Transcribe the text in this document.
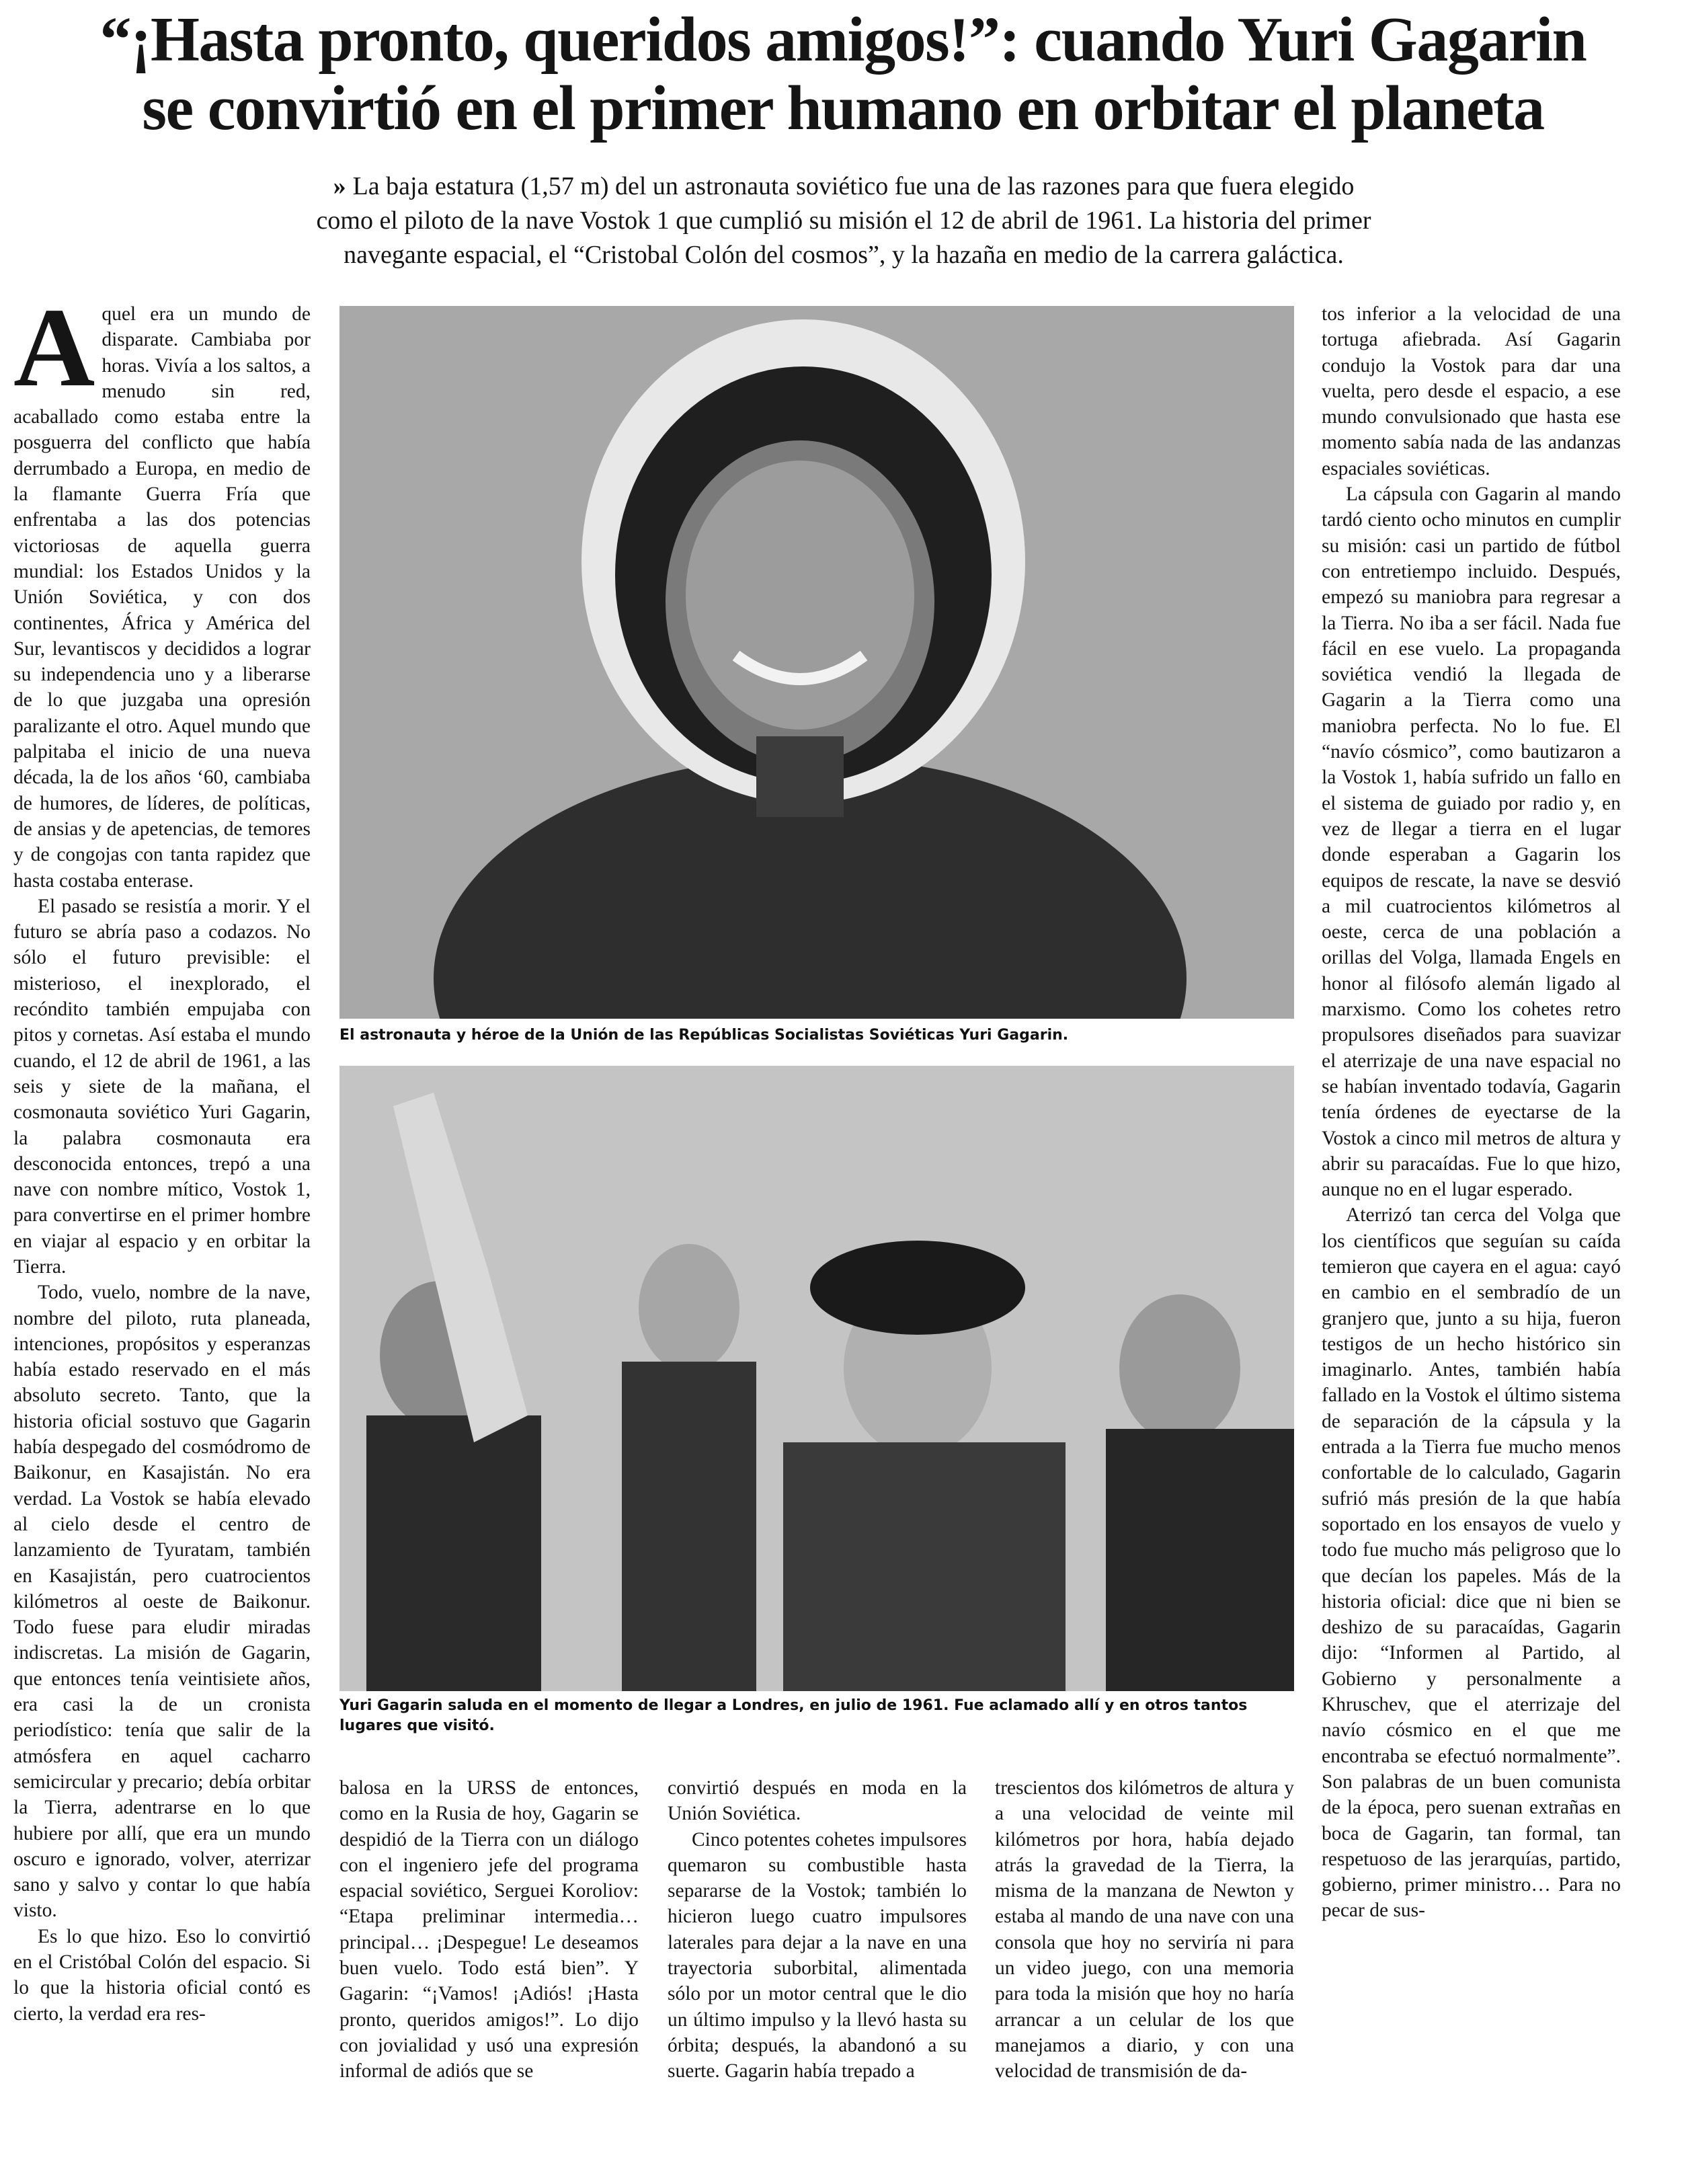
“¡Hasta pronto, queridos amigos!”: cuando Yuri Gagarin
se convirtió en el primer humano en orbitar el planeta
» La baja estatura (1,57 m) del un astronauta soviético fue una de las razones para que fuera elegido
como el piloto de la nave Vostok 1 que cumplió su misión el 12 de abril de 1961. La historia del primer
navegante espacial, el “Cristobal Colón del cosmos”, y la hazaña en medio de la carrera galáctica.

Aquel era un mundo de disparate. Cambiaba por horas. Vivía a los saltos, a menudo sin red, acaballado como estaba entre la posguerra del conflicto que había derrumbado a Europa, en medio de la flamante Guerra Fría que enfrentaba a las dos potencias victoriosas de aquella guerra mundial: los Estados Unidos y la Unión Soviética, y con dos continentes, África y América del Sur, levantiscos y decididos a lograr su independencia uno y a liberarse de lo que juzgaba una opresión paralizante el otro. Aquel mundo que palpitaba el inicio de una nueva década, la de los años ‘60, cambiaba de humores, de líderes, de políticas, de ansias y de apetencias, de temores y de congojas con tanta rapidez que hasta costaba enterase.

El pasado se resistía a morir. Y el futuro se abría paso a codazos. No sólo el futuro previsible: el misterioso, el inexplorado, el recóndito también empujaba con pitos y cornetas. Así estaba el mundo cuando, el 12 de abril de 1961, a las seis y siete de la mañana, el cosmonauta soviético Yuri Gagarin, la palabra cosmonauta era desconocida entonces, trepó a una nave con nombre mítico, Vostok 1, para convertirse en el primer hombre en viajar al espacio y en orbitar la Tierra.

Todo, vuelo, nombre de la nave, nombre del piloto, ruta planeada, intenciones, propósitos y esperanzas había estado reservado en el más absoluto secreto. Tanto, que la historia oficial sostuvo que Gagarin había despegado del cosmódromo de Baikonur, en Kasajistán. No era verdad. La Vostok se había elevado al cielo desde el centro de lanzamiento de Tyuratam, también en Kasajistán, pero cuatrocientos kilómetros al oeste de Baikonur. Todo fuese para eludir miradas indiscretas. La misión de Gagarin, que entonces tenía veintisiete años, era casi la de un cronista periodístico: tenía que salir de la atmósfera en aquel cacharro semicircular y precario; debía orbitar la Tierra, adentrarse en lo que hubiere por allí, que era un mundo oscuro e ignorado, volver, aterrizar sano y salvo y contar lo que había visto.

Es lo que hizo. Eso lo convirtió en el Cristóbal Colón del espacio. Si lo que la historia oficial contó es cierto, la verdad era res-

El astronauta y héroe de la Unión de las Repúblicas Socialistas Soviéticas Yuri Gagarin.
Yuri Gagarin saluda en el momento de llegar a Londres, en julio de 1961. Fue aclamado allí y en otros tantos lugares que visitó.

balosa en la URSS de entonces, como en la Rusia de hoy, Gagarin se despidió de la Tierra con un diálogo con el ingeniero jefe del programa espacial soviético, Serguei Koroliov: “Etapa preliminar intermedia… principal… ¡Despegue! Le deseamos buen vuelo. Todo está bien”. Y Gagarin: “¡Vamos! ¡Adiós! ¡Hasta pronto, queridos amigos!”. Lo dijo con jovialidad y usó una expresión informal de adiós que se

convirtió después en moda en la Unión Soviética.

Cinco potentes cohetes impulsores quemaron su combustible hasta separarse de la Vostok; también lo hicieron luego cuatro impulsores laterales para dejar a la nave en una trayectoria suborbital, alimentada sólo por un motor central que le dio un último impulso y la llevó hasta su órbita; después, la abandonó a su suerte. Gagarin había trepado a

trescientos dos kilómetros de altura y a una velocidad de veinte mil kilómetros por hora, había dejado atrás la gravedad de la Tierra, la misma de la manzana de Newton y estaba al mando de una nave con una consola que hoy no serviría ni para un video juego, con una memoria para toda la misión que hoy no haría arrancar a un celular de los que manejamos a diario, y con una velocidad de transmisión de da-

tos inferior a la velocidad de una tortuga afiebrada. Así Gagarin condujo la Vostok para dar una vuelta, pero desde el espacio, a ese mundo convulsionado que hasta ese momento sabía nada de las andanzas espaciales soviéticas.

La cápsula con Gagarin al mando tardó ciento ocho minutos en cumplir su misión: casi un partido de fútbol con entretiempo incluido. Después, empezó su maniobra para regresar a la Tierra. No iba a ser fácil. Nada fue fácil en ese vuelo. La propaganda soviética vendió la llegada de Gagarin a la Tierra como una maniobra perfecta. No lo fue. El “navío cósmico”, como bautizaron a la Vostok 1, había sufrido un fallo en el sistema de guiado por radio y, en vez de llegar a tierra en el lugar donde esperaban a Gagarin los equipos de rescate, la nave se desvió a mil cuatrocientos kilómetros al oeste, cerca de una población a orillas del Volga, llamada Engels en honor al filósofo alemán ligado al marxismo. Como los cohetes retro propulsores diseñados para suavizar el aterrizaje de una nave espacial no se habían inventado todavía, Gagarin tenía órdenes de eyectarse de la Vostok a cinco mil metros de altura y abrir su paracaídas. Fue lo que hizo, aunque no en el lugar esperado.

Aterrizó tan cerca del Volga que los científicos que seguían su caída temieron que cayera en el agua: cayó en cambio en el sembradío de un granjero que, junto a su hija, fueron testigos de un hecho histórico sin imaginarlo. Antes, también había fallado en la Vostok el último sistema de separación de la cápsula y la entrada a la Tierra fue mucho menos confortable de lo calculado, Gagarin sufrió más presión de la que había soportado en los ensayos de vuelo y todo fue mucho más peligroso que lo que decían los papeles. Más de la historia oficial: dice que ni bien se deshizo de su paracaídas, Gagarin dijo: “Informen al Partido, al Gobierno y personalmente a Khruschev, que el aterrizaje del navío cósmico en el que me encontraba se efectuó normalmente”. Son palabras de un buen comunista de la época, pero suenan extrañas en boca de Gagarin, tan formal, tan respetuoso de las jerarquías, partido, gobierno, primer ministro… Para no pecar de sus-
